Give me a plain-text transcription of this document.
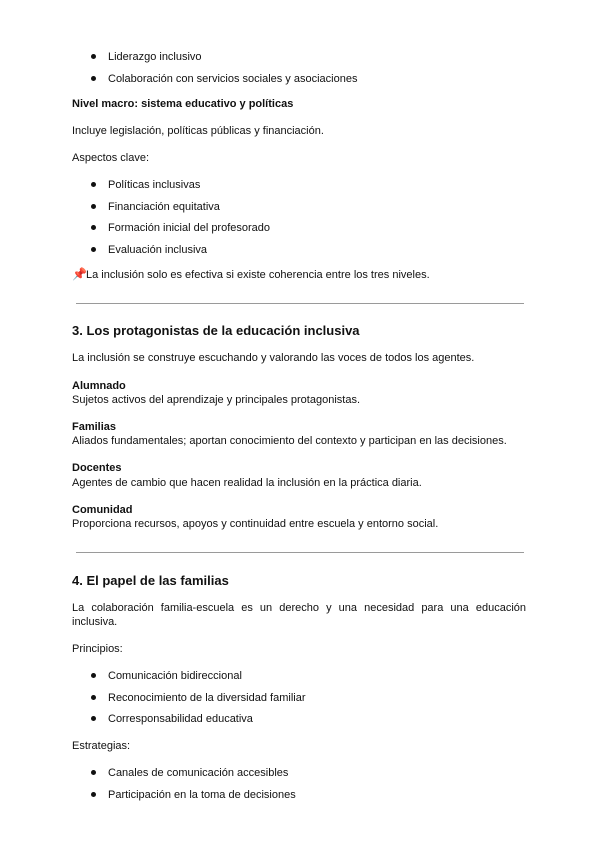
Liderazgo inclusivo
Colaboración con servicios sociales y asociaciones
Nivel macro: sistema educativo y políticas
Incluye legislación, políticas públicas y financiación.
Aspectos clave:
Políticas inclusivas
Financiación equitativa
Formación inicial del profesorado
Evaluación inclusiva
📌La inclusión solo es efectiva si existe coherencia entre los tres niveles.
3. Los protagonistas de la educación inclusiva
La inclusión se construye escuchando y valorando las voces de todos los agentes.
Alumnado
Sujetos activos del aprendizaje y principales protagonistas.
Familias
Aliados fundamentales; aportan conocimiento del contexto y participan en las decisiones.
Docentes
Agentes de cambio que hacen realidad la inclusión en la práctica diaria.
Comunidad
Proporciona recursos, apoyos y continuidad entre escuela y entorno social.
4. El papel de las familias
La colaboración familia-escuela es un derecho y una necesidad para una educación inclusiva.
Principios:
Comunicación bidireccional
Reconocimiento de la diversidad familiar
Corresponsabilidad educativa
Estrategias:
Canales de comunicación accesibles
Participación en la toma de decisiones
